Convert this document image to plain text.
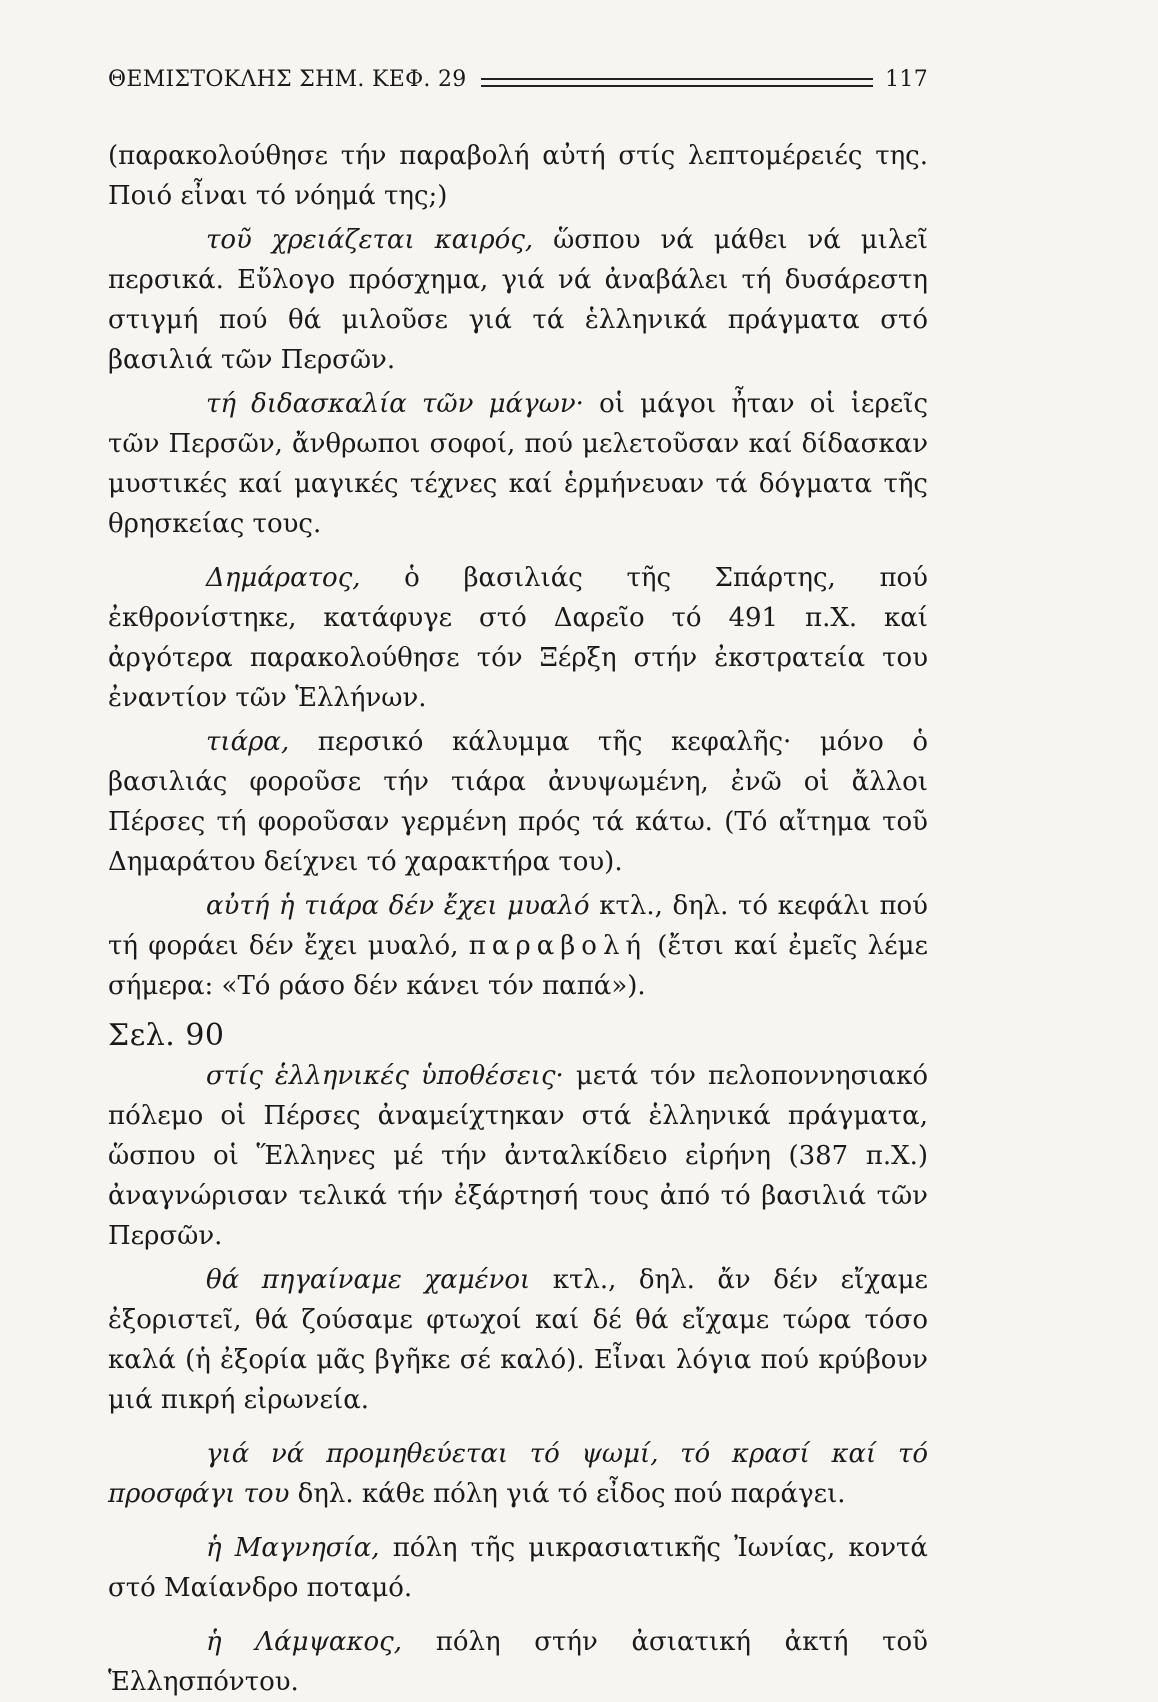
ΘΕΜΙΣΤΟΚΛΗΣ ΣΗΜ. ΚΕΦ. 29	117

(παρακολούθησε τήν παραβολή αὐτή στίς λεπτομέρειές της. Ποιό εἶναι τό νόημά της;)

τοῦ χρειάζεται καιρός, ὥσπου νά μάθει νά μιλεῖ περσικά. Εὔλογο πρόσχημα, γιά νά ἀναβάλει τή δυσάρεστη στιγμή πού θά μιλοῦσε γιά τά ἑλληνικά πράγματα στό βασιλιά τῶν Περσῶν.

τή διδασκαλία τῶν μάγων· οἱ μάγοι ἦταν οἱ ἱερεῖς τῶν Περσῶν, ἄνθρωποι σοφοί, πού μελετοῦσαν καί δίδασκαν μυστικές καί μαγικές τέχνες καί ἑρμήνευαν τά δόγματα τῆς θρησκείας τους.

Δημάρατος, ὁ βασιλιάς τῆς Σπάρτης, πού ἐκθρονίστηκε, κατάφυγε στό Δαρεῖο τό 491 π.Χ. καί ἀργότερα παρακολούθησε τόν Ξέρξη στήν ἐκστρατεία του ἐναντίον τῶν Ἑλλήνων.

τιάρα, περσικό κάλυμμα τῆς κεφαλῆς· μόνο ὁ βασιλιάς φοροῦσε τήν τιάρα ἀνυψωμένη, ἐνῶ οἱ ἄλλοι Πέρσες τή φοροῦσαν γερμένη πρός τά κάτω. (Τό αἴτημα τοῦ Δημαράτου δείχνει τό χαρακτήρα του).

αὐτή ἡ τιάρα δέν ἔχει μυαλό κτλ., δηλ. τό κεφάλι πού τή φοράει δέν ἔχει μυαλό, παραβολή (ἔτσι καί ἐμεῖς λέμε σήμερα: «Τό ράσο δέν κάνει τόν παπά»).

Σελ. 90

στίς ἑλληνικές ὑποθέσεις· μετά τόν πελοποννησιακό πόλεμο οἱ Πέρσες ἀναμείχτηκαν στά ἑλληνικά πράγματα, ὥσπου οἱ Ἕλληνες μέ τήν ἀνταλκίδειο εἰρήνη (387 π.Χ.) ἀναγνώρισαν τελικά τήν ἐξάρτησή τους ἀπό τό βασιλιά τῶν Περσῶν.

θά πηγαίναμε χαμένοι κτλ., δηλ. ἄν δέν εἴχαμε ἐξοριστεῖ, θά ζούσαμε φτωχοί καί δέ θά εἴχαμε τώρα τόσο καλά (ἡ ἐξορία μᾶς βγῆκε σέ καλό). Εἶναι λόγια πού κρύβουν μιά πικρή εἰρωνεία.

γιά νά προμηθεύεται τό ψωμί, τό κρασί καί τό προσφάγι του δηλ. κάθε πόλη γιά τό εἶδος πού παράγει.

ἡ Μαγνησία, πόλη τῆς μικρασιατικῆς Ἰωνίας, κοντά στό Μαίανδρο ποταμό.

ἡ Λάμψακος, πόλη στήν ἀσιατική ἀκτή τοῦ Ἑλλησπόντου.
